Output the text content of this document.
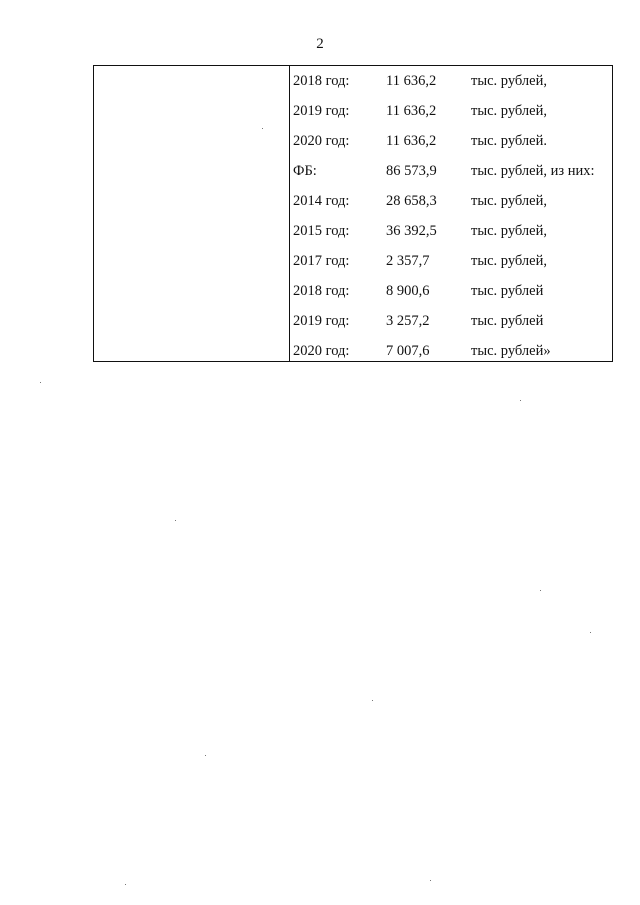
2
2018 год:	11 636,2 тыс. рублей,
2019 год:	11 636,2 тыс. рублей,
2020 год:	11 636,2 тыс. рублей.
ФБ:	86 573,9 тыс. рублей, из них:
2014 год:	28 658,3 тыс. рублей,
2015 год:	36 392,5 тыс. рублей,
2017 год:	2 357,7	тыс. рублей,
2018 год:	8 900,6	тыс. рублей
2019 год:	3 257,2	тыс. рублей
2020 год:	7 007,6	тыс. рублей»
